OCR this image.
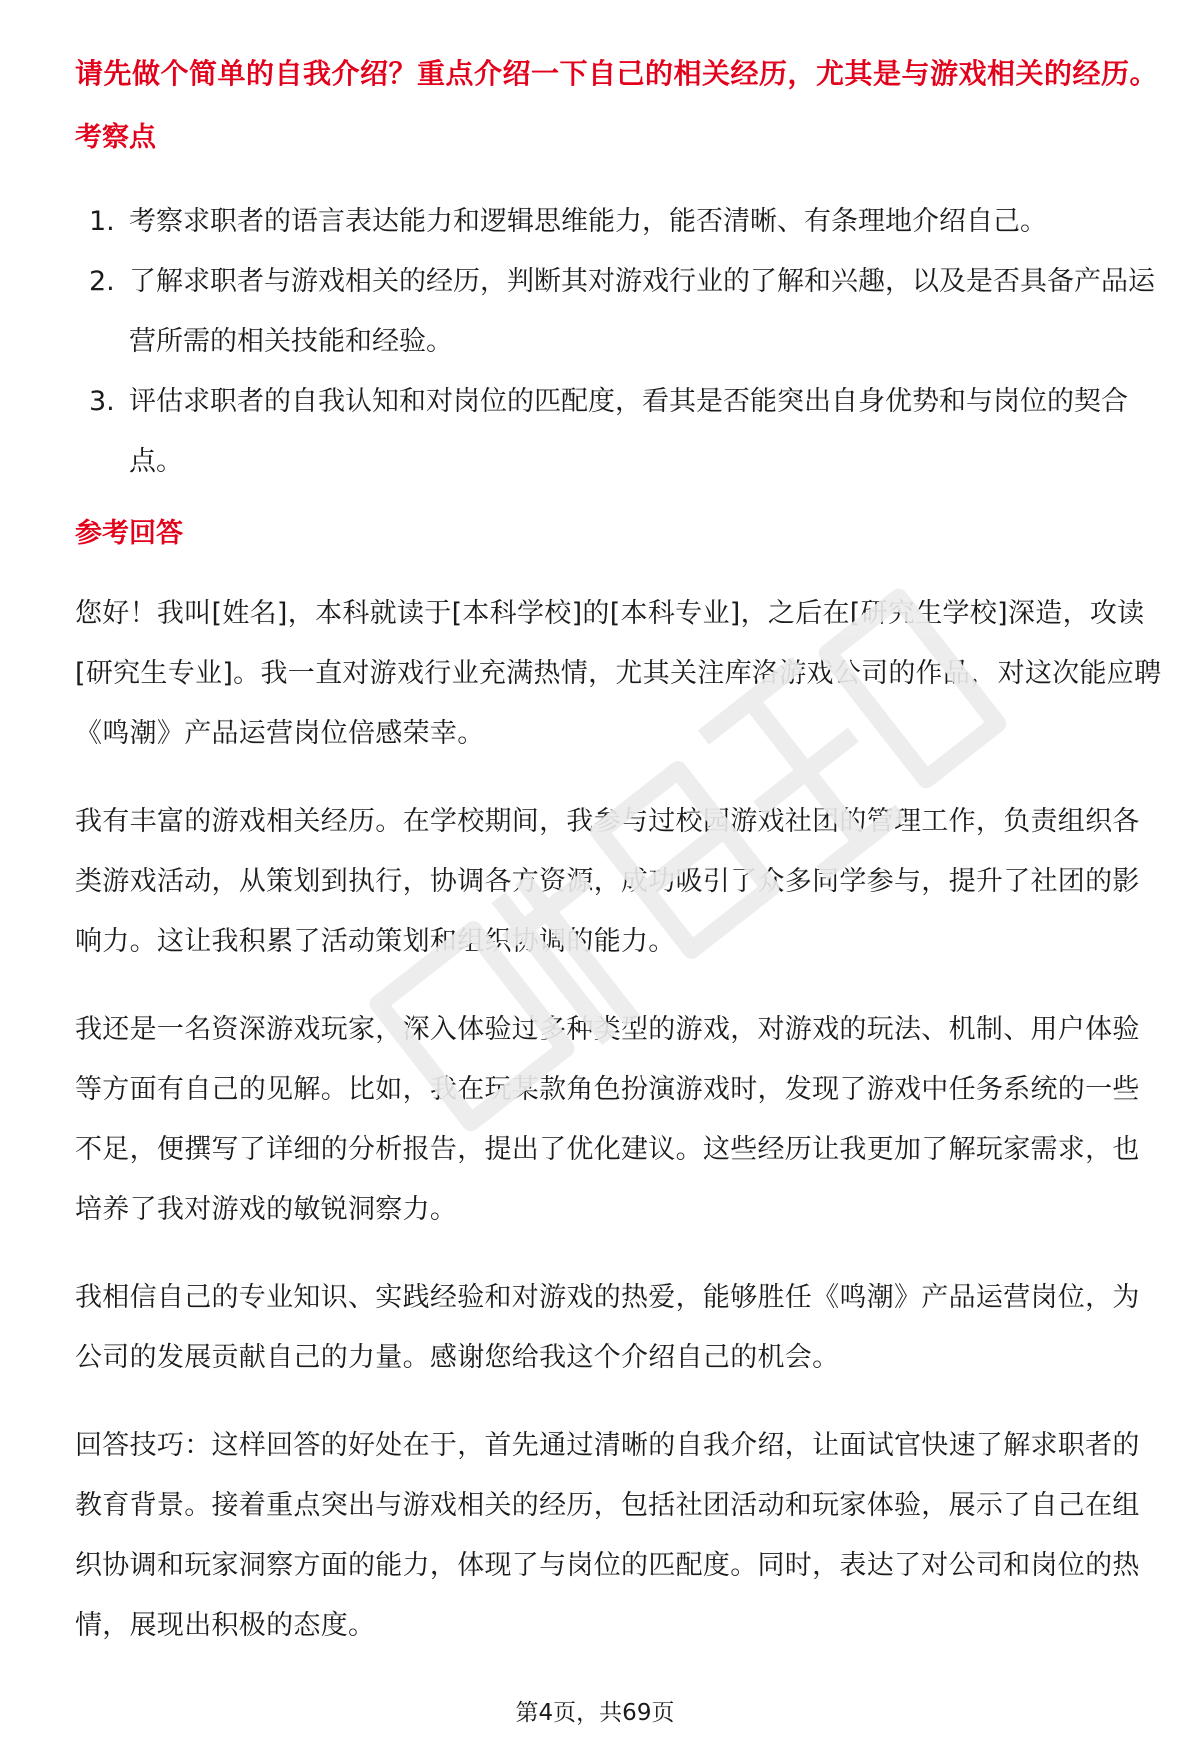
请先做个简单的自我介绍？重点介绍一下自己的相关经历，尤其是与游戏相关的经历。

考察点
1. 考察求职者的语言表达能力和逻辑思维能力，能否清晰、有条理地介绍自己。
2. 了解求职者与游戏相关的经历，判断其对游戏行业的了解和兴趣，以及是否具备产品运营所需的相关技能和经验。
3. 评估求职者的自我认知和对岗位的匹配度，看其是否能突出自身优势和与岗位的契合点。
参考回答

您好！我叫[姓名]，本科就读于[本科学校]的[本科专业]，之后在[研究生学校]深造，攻读[研究生专业]。我一直对游戏行业充满热情，尤其关注库洛游戏公司的作品，对这次能应聘《鸣潮》产品运营岗位倍感荣幸。

我有丰富的游戏相关经历。在学校期间，我参与过校园游戏社团的管理工作，负责组织各类游戏活动，从策划到执行，协调各方资源，成功吸引了众多同学参与，提升了社团的影响力。这让我积累了活动策划和组织协调的能力。

我还是一名资深游戏玩家，深入体验过多种类型的游戏，对游戏的玩法、机制、用户体验等方面有自己的见解。比如，我在玩某款角色扮演游戏时，发现了游戏中任务系统的一些不足，便撰写了详细的分析报告，提出了优化建议。这些经历让我更加了解玩家需求，也培养了我对游戏的敏锐洞察力。

我相信自己的专业知识、实践经验和对游戏的热爱，能够胜任《鸣潮》产品运营岗位，为公司的发展贡献自己的力量。感谢您给我这个介绍自己的机会。

回答技巧：这样回答的好处在于，首先通过清晰的自我介绍，让面试官快速了解求职者的教育背景。接着重点突出与游戏相关的经历，包括社团活动和玩家体验，展示了自己在组织协调和玩家洞察方面的能力，体现了与岗位的匹配度。同时，表达了对公司和岗位的热情，展现出积极的态度。

第4页，共69页
